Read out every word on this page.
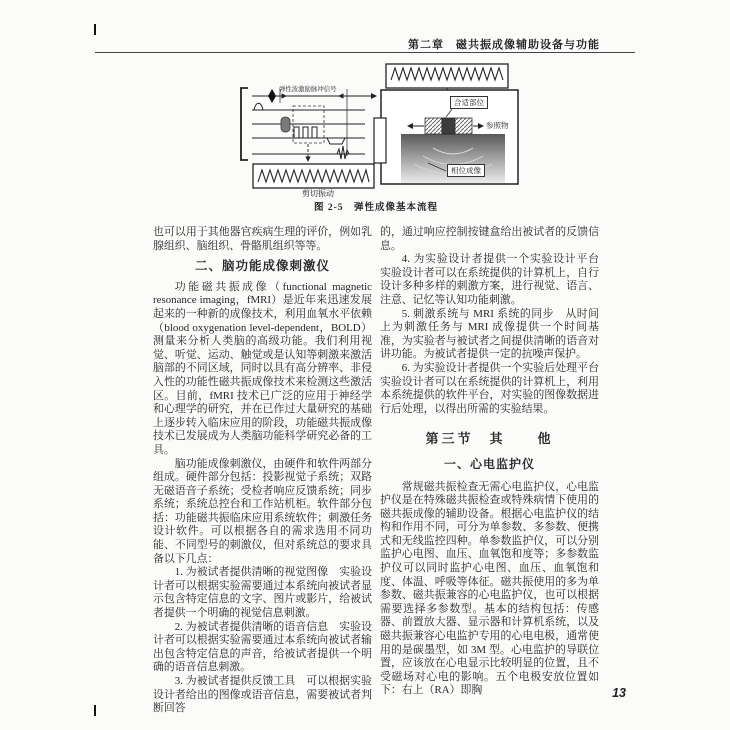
第二章　磁共振成像辅助设备与功能
弹性波激励脉冲信号
合适部位
参照物
相位成像
剪切振动
图 2-5　弹性成像基本流程

也可以用于其他器官疾病生理的评价，例如乳腺组织、脑组织、骨骼肌组织等等。

二、脑功能成像刺激仪

功能磁共振成像（functional magnetic resonance imaging，fMRI）是近年来迅速发展起来的一种新的成像技术，利用血氧水平依赖（blood oxygenation level-dependent，BOLD）测量来分析人类脑的高级功能。我们利用视觉、听觉、运动、触觉或是认知等刺激来激活脑部的不同区域，同时以具有高分辨率、非侵入性的功能性磁共振成像技术来检测这些激活区。目前，fMRI 技术已广泛的应用于神经学和心理学的研究，并在已作过大量研究的基础上逐步转入临床应用的阶段，功能磁共振成像技术已发展成为人类脑功能科学研究必备的工具。

脑功能成像刺激仪，由硬件和软件两部分组成。硬件部分包括：投影视觉子系统；双路无磁语音子系统；受检者响应反馈系统；同步系统；系统总控台和工作站机柜。软件部分包括：功能磁共振临床应用系统软件；刺激任务设计软件。可以根据各自的需求选用不同功能、不同型号的刺激仪，但对系统总的要求具备以下几点：

1. 为被试者提供清晰的视觉图像　实验设计者可以根据实验需要通过本系统向被试者显示包含特定信息的文字、图片或影片，给被试者提供一个明确的视觉信息刺激。

2. 为被试者提供清晰的语音信息　实验设计者可以根据实验需要通过本系统向被试者输出包含特定信息的声音，给被试者提供一个明确的语音信息刺激。

3. 为被试者提供反馈工具　可以根据实验设计者给出的图像或语音信息，需要被试者判断回答

的，通过响应控制按键盒给出被试者的反馈信息。

4. 为实验设计者提供一个实验设计平台　实验设计者可以在系统提供的计算机上，自行设计多种多样的刺激方案，进行视觉、语言、注意、记忆等认知功能刺激。

5. 刺激系统与 MRI 系统的同步　从时间上为刺激任务与 MRI 成像提供一个时间基准，为实验者与被试者之间提供清晰的语音对讲功能。为被试者提供一定的抗噪声保护。

6. 为实验设计者提供一个实验后处理平台　实验设计者可以在系统提供的计算机上，利用本系统提供的软件平台，对实验的图像数据进行后处理，以得出所需的实验结果。

第三节　其　　他
一、心电监护仪

常规磁共振检查无需心电监护仪，心电监护仪是在特殊磁共振检查或特殊病情下使用的磁共振成像的辅助设备。根据心电监护仪的结构和作用不同，可分为单参数、多参数、便携式和无线监控四种。单参数监护仪，可以分别监护心电图、血压、血氧饱和度等；多参数监护仪可以同时监护心电图、血压、血氧饱和度、体温、呼吸等体征。磁共振使用的多为单参数、磁共振兼容的心电监护仪，也可以根据需要选择多参数型。基本的结构包括：传感器、前置放大器、显示器和计算机系统，以及磁共振兼容心电监护专用的心电电极，通常使用的是碳墨型，如 3M 型。心电监护的导联位置，应该放在心电显示比较明显的位置，且不受磁场对心电的影响。五个电极安放位置如下：右上（RA）即胸	13
